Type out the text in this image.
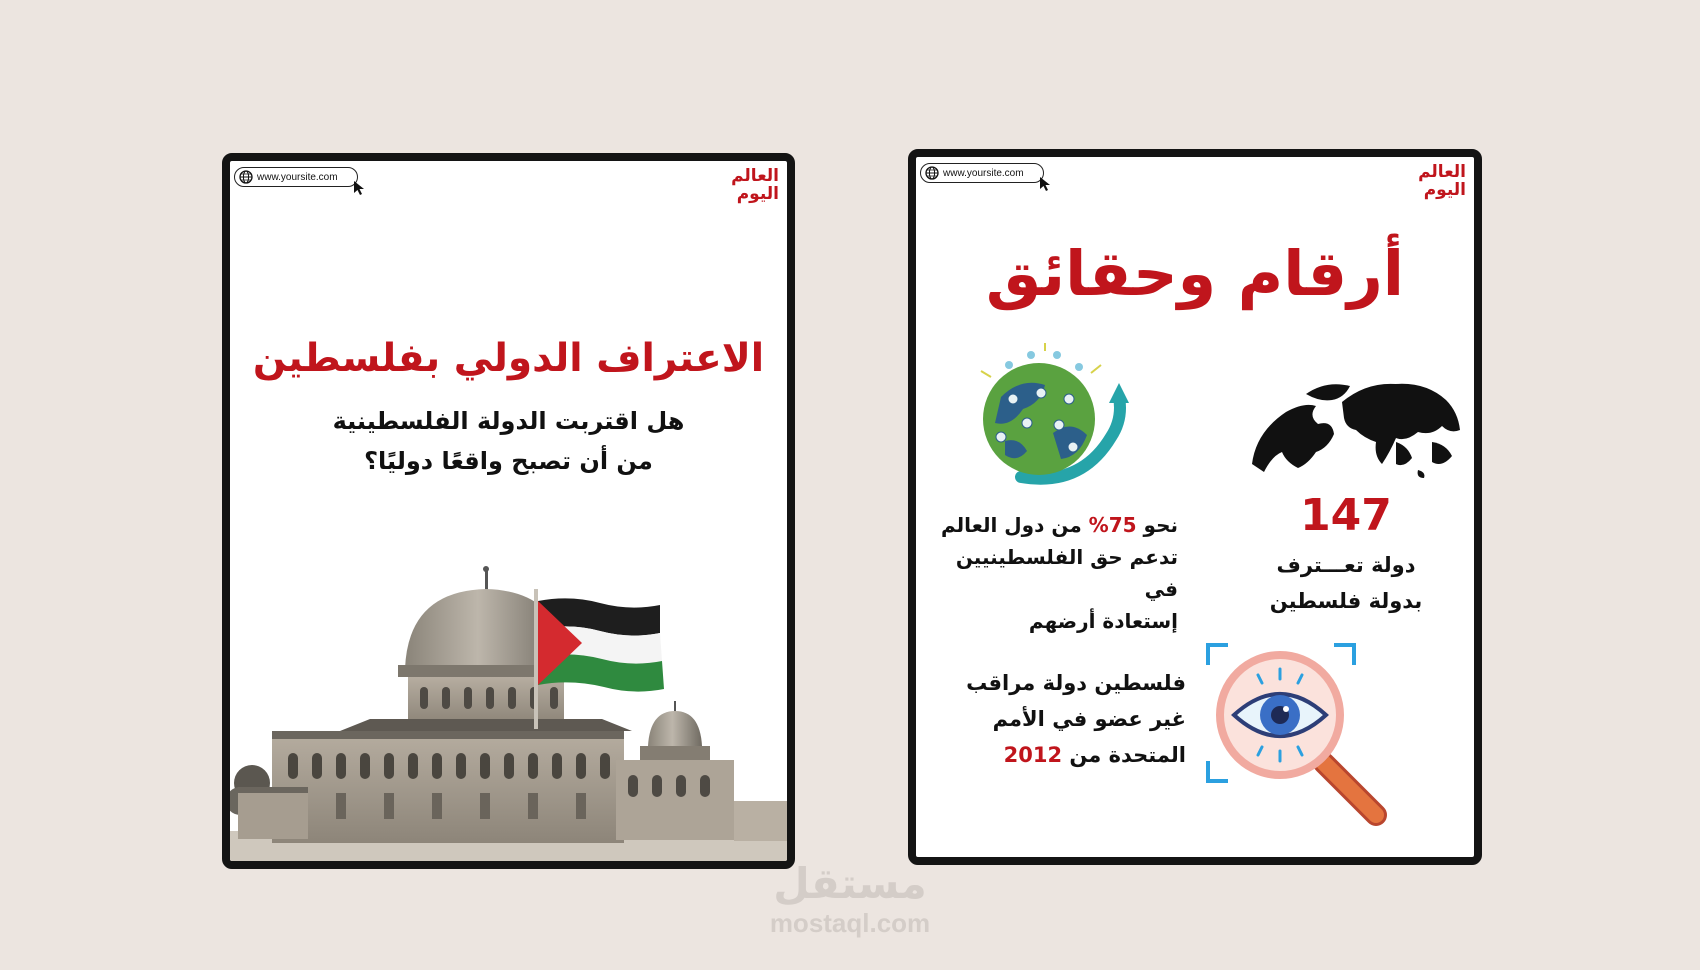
www.yoursite.com	العالم
اليوم
الاعتراف الدولي بفلسطين
هل اقتربت الدولة الفلسطينية
من أن تصبح واقعًا دوليًا؟
www.yoursite.com	العالم
اليوم
أرقام وحقائق
147
دولة تعـــترف
بدولة فلسطين
نحو 75% من دول العالم
تدعم حق الفلسطينيين في
إستعادة أرضهم
فلسطين دولة مراقب
غير عضو في الأمم
المتحدة من 2012
مستقل
mostaql.com
